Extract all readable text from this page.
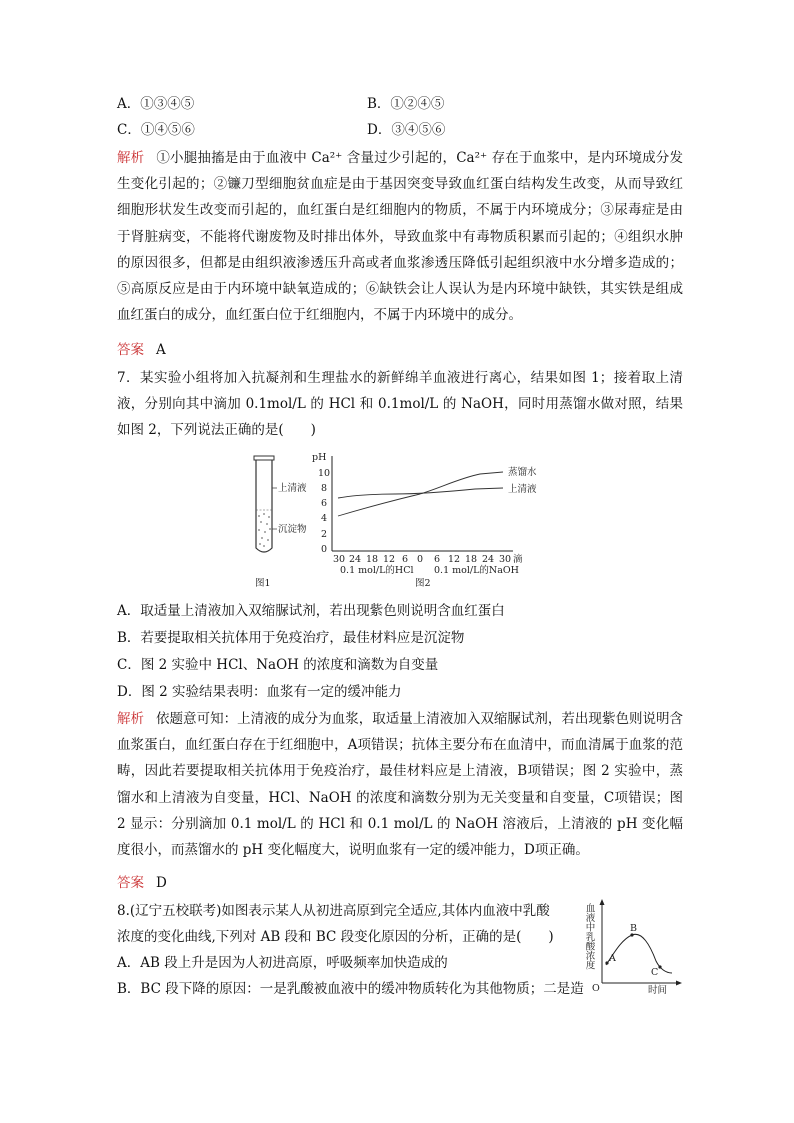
A．①③④⑤	B．①②④⑤
C．①④⑤⑥	D．③④⑤⑥
解析 ①小腿抽搐是由于血液中 Ca²⁺ 含量过少引起的，Ca²⁺ 存在于血浆中，是内环境成分发生变化引起的；②镰刀型细胞贫血症是由于基因突变导致血红蛋白结构发生改变，从而导致红细胞形状发生改变而引起的，血红蛋白是红细胞内的物质，不属于内环境成分；③尿毒症是由于肾脏病变，不能将代谢废物及时排出体外，导致血浆中有毒物质积累而引起的；④组织水肿的原因很多，但都是由组织液渗透压升高或者血浆渗透压降低引起组织液中水分增多造成的；⑤高原反应是由于内环境中缺氧造成的；⑥缺铁会让人误认为是内环境中缺铁，其实铁是组成血红蛋白的成分，血红蛋白位于红细胞内，不属于内环境中的成分。
答案 A
7．某实验小组将加入抗凝剂和生理盐水的新鲜绵羊血液进行离心，结果如图 1；接着取上清液，分别向其中滴加 0.1mol/L 的 HCl 和 0.1mol/L 的 NaOH，同时用蒸馏水做对照，结果如图 2，下列说法正确的是(　　)
上清液
沉淀物
图1
pH
10
8
6
4
2
0
30 24 18 12 6 0 6 12 18 24 30 滴
0.1 mol/L的HCl 0.1 mol/L的NaOH
图2
蒸馏水
上清液
A．取适量上清液加入双缩脲试剂，若出现紫色则说明含血红蛋白
B．若要提取相关抗体用于免疫治疗，最佳材料应是沉淀物
C．图 2 实验中 HCl、NaOH 的浓度和滴数为自变量
D．图 2 实验结果表明：血浆有一定的缓冲能力
解析 依题意可知：上清液的成分为血浆，取适量上清液加入双缩脲试剂，若出现紫色则说明含血浆蛋白，血红蛋白存在于红细胞中，A项错误；抗体主要分布在血清中，而血清属于血浆的范畴，因此若要提取相关抗体用于免疫治疗，最佳材料应是上清液，B项错误；图 2 实验中，蒸馏水和上清液为自变量，HCl、NaOH 的浓度和滴数分别为无关变量和自变量，C项错误；图 2 显示：分别滴加 0.1 mol/L 的 HCl 和 0.1 mol/L 的 NaOH 溶液后，上清液的 pH 变化幅度很小，而蒸馏水的 pH 变化幅度大，说明血浆有一定的缓冲能力，D项正确。
答案 D
8.(辽宁五校联考)如图表示某人从初进高原到完全适应,其体内血液中乳酸
浓度的变化曲线,下列对 AB 段和 BC 段变化原因的分析，正确的是(　　)
A．AB 段上升是因为人初进高原，呼吸频率加快造成的
B．BC 段下降的原因：一是乳酸被血液中的缓冲物质转化为其他物质；二是造
血液中乳酸浓度
O	时间
A
B
C
